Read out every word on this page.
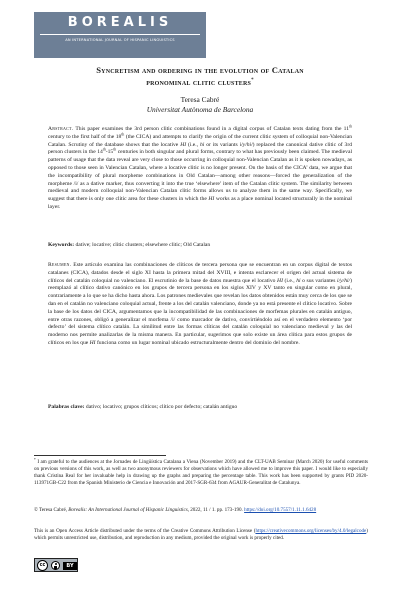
BOREALIS
AN INTERNATIONAL JOURNAL OF HISPANIC LINGUISTICS
Syncretism and ordering in the evolution of Catalan
pronominal clitic clusters*
Teresa Cabré
Universitat Autònoma de Barcelona
Abstract. This paper examines the 3rd person clitic combinations found in a digital corpus of Catalan texts dating from the 11th century to the first half of the 18th (the CICA) and attempts to clarify the origin of the current clitic system of colloquial non-Valencian Catalan. Scrutiny of the database shows that the locative HI (i.e., hi or its variants i/y/hi/) replaced the canonical dative clitic of 3rd person clusters in the 14th-15th centuries in both singular and plural forms, contrary to what has previously been claimed. The medieval patterns of usage that the data reveal are very close to those occurring in colloquial non-Valencian Catalan as it is spoken nowadays, as opposed to those seen in Valencian Catalan, where a locative clitic is no longer present. On the basis of the CICA’ data, we argue that the incompatibility of plural morpheme combinations in Old Catalan—among other reasons—forced the generalization of the morpheme /i/ as a dative marker, thus converting it into the true ‘elsewhere’ item of the Catalan clitic system. The similarity between medieval and modern colloquial non-Valencian Catalan clitic forms allows us to analyze them in the same way. Specifically, we suggest that there is only one clitic area for these clusters in which the HI works as a place nominal located structurally in the nominal layer.
Keywords: dative; locative; clitic clusters; elsewhere clitic; Old Catalan
Resumen. Este artículo examina las combinaciones de clíticos de tercera persona que se encuentran en un corpus digital de textos catalanes (CICA), datados desde el siglo XI hasta la primera mitad del XVIII, e intenta esclarecer el origen del actual sistema de clíticos del catalán coloquial no valenciano. El escrutinio de la base de datos muestra que el locativo HI (i.e., hi o sus variantes i/y/hi/) reemplazó al clítico dativo canónico en los grupos de tercera persona en los siglos XIV y XV tanto en singular como en plural, contrariamente a lo que se ha dicho hasta ahora. Los patrones medievales que revelan los datos obtenidos están muy cerca de los que se dan en el catalán no valenciano coloquial actual, frente a los del catalán valenciano, donde ya no está presente el clítico locativo. Sobre la base de los datos del CICA, argumentamos que la incompatibilidad de las combinaciones de morfemas plurales en catalán antiguo, entre otras razones, obligó a generalizar el morfema /i/ como marcador de dativo, convirtiéndolo así en el verdadero elemento ‘por defecto’ del sistema clítico catalán. La similitud entre las formas clíticas del catalán coloquial no valenciano medieval y las del moderno nos permite analizarlas de la misma manera. En particular, sugerimos que solo existe un área clítica para estos grupos de clíticos en los que HI funciona como un lugar nominal ubicado estructuralmente dentro del dominio del nombre.
Palabras clave: dativo; locativo; grupos clíticos; clítico por defecto; catalán antiguo
* I am grateful to the audiences at the Jornades de Lingüística Catalana a Viena (November 2019) and the CLT-UAB Seminar (March 2020) for useful comments on previous versions of this work, as well as two anonymous reviewers for observations which have allowed me to improve this paper. I would like to especially thank Cristina Real for her invaluable help in drawing up the graphs and preparing the percentage table. This work has been supported by grants PID 2020-113971GB-C22 from the Spanish Ministerio de Ciencia e Innovación and 2017-SGR-634 from AGAUR-Generalitat de Catalunya.
© Teresa Cabré, Borealis: An International Journal of Hispanic Linguistics, 2022, 11 / 1. pp. 173-190. https://doi.org/10.7557/1.11.1.6428
This is an Open Access Article distributed under the terms of the Creative Commons Attribution License (https://creativecommons.org/licenses/by/4.0/legalcode) which permits unrestricted use, distribution, and reproduction in any medium, provided the original work is properly cited.
cc	BY
